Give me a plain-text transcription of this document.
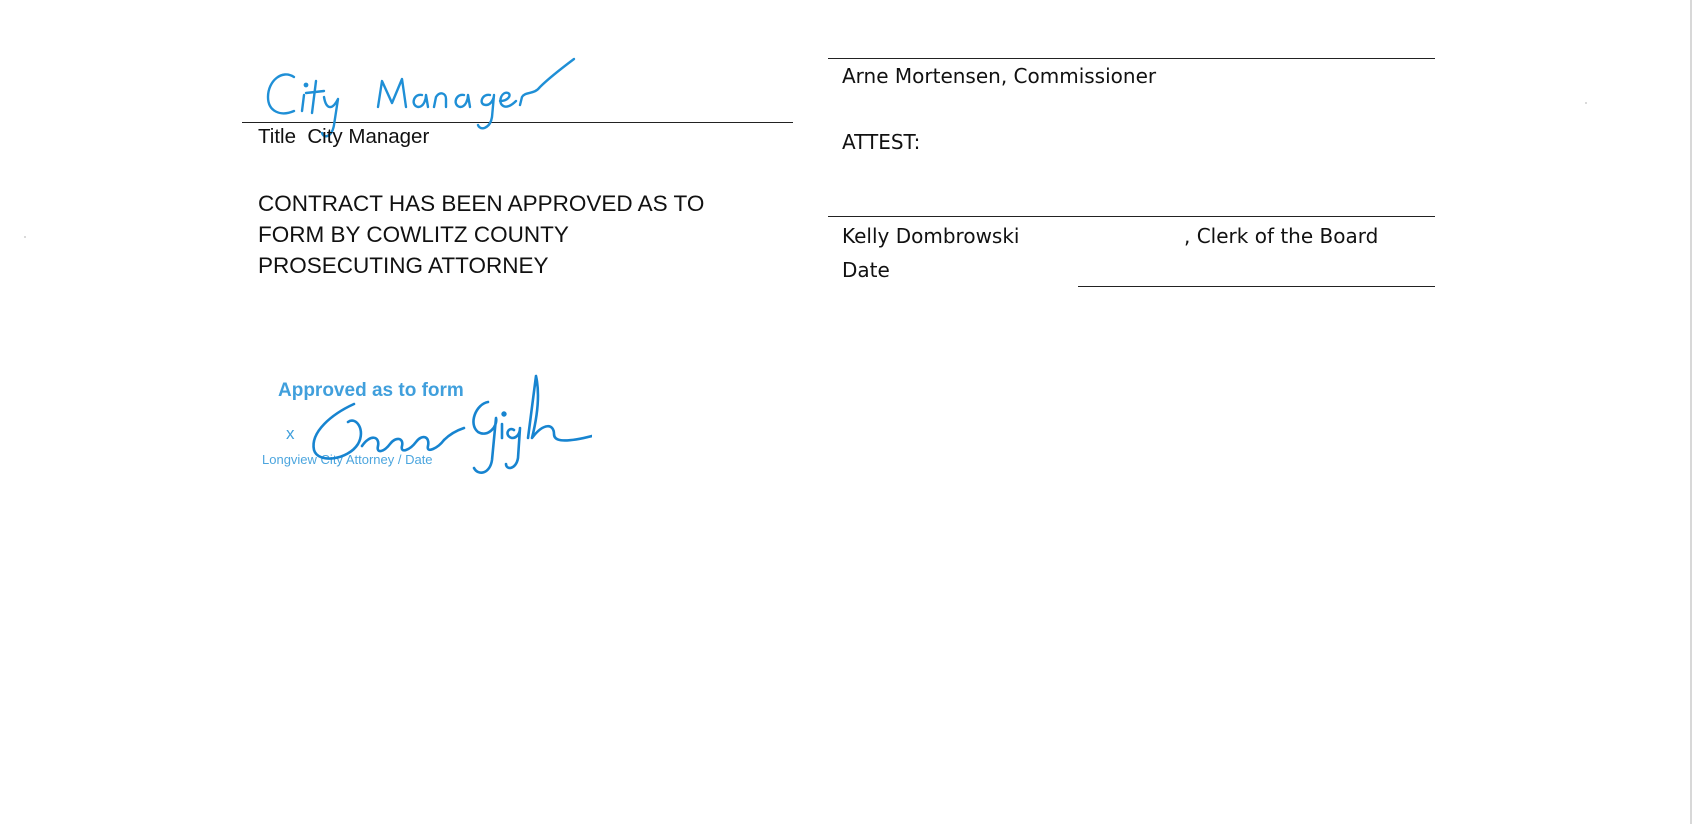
Title City Manager
CONTRACT HAS BEEN APPROVED AS TO
FORM BY COWLITZ COUNTY
PROSECUTING ATTORNEY
Approved as to form
x
Longview City Attorney / Date
Arne Mortensen, Commissioner
ATTEST:
Kelly Dombrowski	, Clerk of the Board
Date
